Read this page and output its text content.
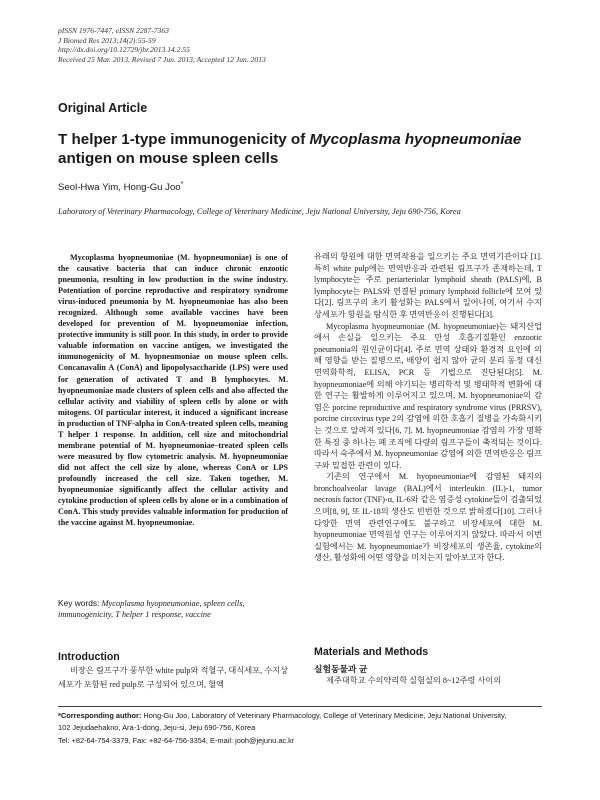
pISSN 1976-7447, eISSN 2287-7363
J Biomed Res 2013;14(2):55-59
http://dx.doi.org/10.12729/jbr.2013.14.2.55
Received 25 Mar. 2013, Revised 7 Jun. 2013, Accepted 12 Jun. 2013
Original Article
T helper 1-type immunogenicity of Mycoplasma hyopneumoniae antigen on mouse spleen cells
Seol-Hwa Yim, Hong-Gu Joo*
Laboratory of Veterinary Pharmacology, College of Veterinary Medicine, Jeju National University, Jeju 690-756, Korea

Mycoplasma hyopneumoniae (M. hyopneumoniae) is one of the causative bacteria that can induce chronic enzootic pneumonia, resulting in low production in the swine industry. Potentiation of porcine reproductive and respiratory syndrome virus-induced pneumonia by M. hyopneumoniae has also been recognized. Although some available vaccines have been developed for prevention of M. hyopneumoniae infection, protective immunity is still poor. In this study, in order to provide valuable information on vaccine antigen, we investigated the immunogenicity of M. hyopneumoniae on mouse spleen cells. Concanavalin A (ConA) and lipopolysaccharide (LPS) were used for generation of activated T and B lymphocytes. M. hyopneumoniae made clusters of spleen cells and also affected the cellular activity and viability of spleen cells by alone or with mitogens. Of particular interest, it induced a significant increase in production of TNF-alpha in ConA-treated spleen cells, meaning T helper 1 response. In addition, cell size and mitochondrial membrane potential of M. hyopneumoniae–treated spleen cells were measured by flow cytometric analysis. M. hyopneumoniae did not affect the cell size by alone, whereas ConA or LPS profoundly increased the cell size. Taken together, M. hyopneumoniae significantly affect the cellular activity and cytokine production of spleen cells by alone or in a combination of ConA. This study provides valuable information for production of the vaccine against M. hyopneumoniae.

Key words: Mycoplasma hyopneumoniae, spleen cells, immunogenicity, T helper 1 response, vaccine
Introduction

비장은 림프구가 풍부한 white pulp와 적혈구, 대식세포, 수지상세포가 포함된 red pulp로 구성되어 있으며, 혈액

유래의 항원에 대한 면역작용을 일으키는 주요 면역기관이다 [1]. 특히 white pulp에는 면역반응과 관련된 림프구가 존재하는데, T lymphocyte는 주로 periarteriolar lymphoid sheath (PALS)에, B lymphocyte는 PALS와 연결된 primary lymphoid follicle에 모여 있다[2]. 림프구의 초기 활성화는 PALS에서 일어나며, 여기서 수지상세포가 항원을 탐식한 후 면역반응이 진행된다[3].

Mycoplasma hyopneumoniae (M. hyopneumoniae)는 돼지산업에서 손실을 일으키는 주요 만성 호흡기질환인 enzootic pneumonia의 원인균이다[4]. 주로 면역 상태와 환경적 요인에 의해 영향을 받는 질병으로, 배양이 쉽지 않아 균의 분리 동정 대신 면역화학적, ELISA, PCR 등 기법으로 진단된다[5]. M. hyopneumoniae에 의해 야기되는 병리학적 및 병태학적 변화에 대한 연구는 활발하게 이루어지고 있으며, M. hyopneumoniae의 감염은 porcine reproductive and respiratory syndrome virus (PRRSV), porcine circovirus type 2의 감염에 의한 호흡기 질병을 가속화시키는 것으로 알려져 있다[6, 7]. M. hyopneumoniae 감염의 가장 명확한 특징 중 하나는 폐 조직에 다량의 림프구들이 축적되는 것이다. 따라서 숙주에서 M. hyopneumoniae 감염에 의한 면역반응은 림프구와 밀접한 관련이 있다.

기존의 연구에서 M. hyopneumoniae에 감염된 돼지의 bronchoalveolar lavage (BAL)에서 interleukin (IL)-1, tumor necrosis factor (TNF)-α, IL-6와 같은 염증성 cytokine들이 검출되었으며[8, 9], 또 IL-18의 생산도 빈번한 것으로 밝혀졌다[10]. 그러나 다양한 면역 관련연구에도 불구하고 비장세포에 대한 M. hyopneumoniae 면역원성 연구는 이루어지지 않았다. 따라서 이번 실험에서는 M. hyopneumoniae가 비장세포의 생존율, cytokine의 생산, 활성화에 어떤 영향을 미치는지 알아보고자 한다.

Materials and Methods
실험동물과 균
제주대학교 수의약리학 실험실의 8~12주령 사이의
*Corresponding author: Hong-Gu Joo, Laboratory of Veterinary Pharmacology, College of Veterinary Medicine, Jeju National University,
102 Jejudaehakno, Ara-1-dong, Jeju-si, Jeju 690-756, Korea
Tel: +82-64-754-3379, Fax: +82-64-756-3354, E-mail: jooh@jejunu.ac.kr
